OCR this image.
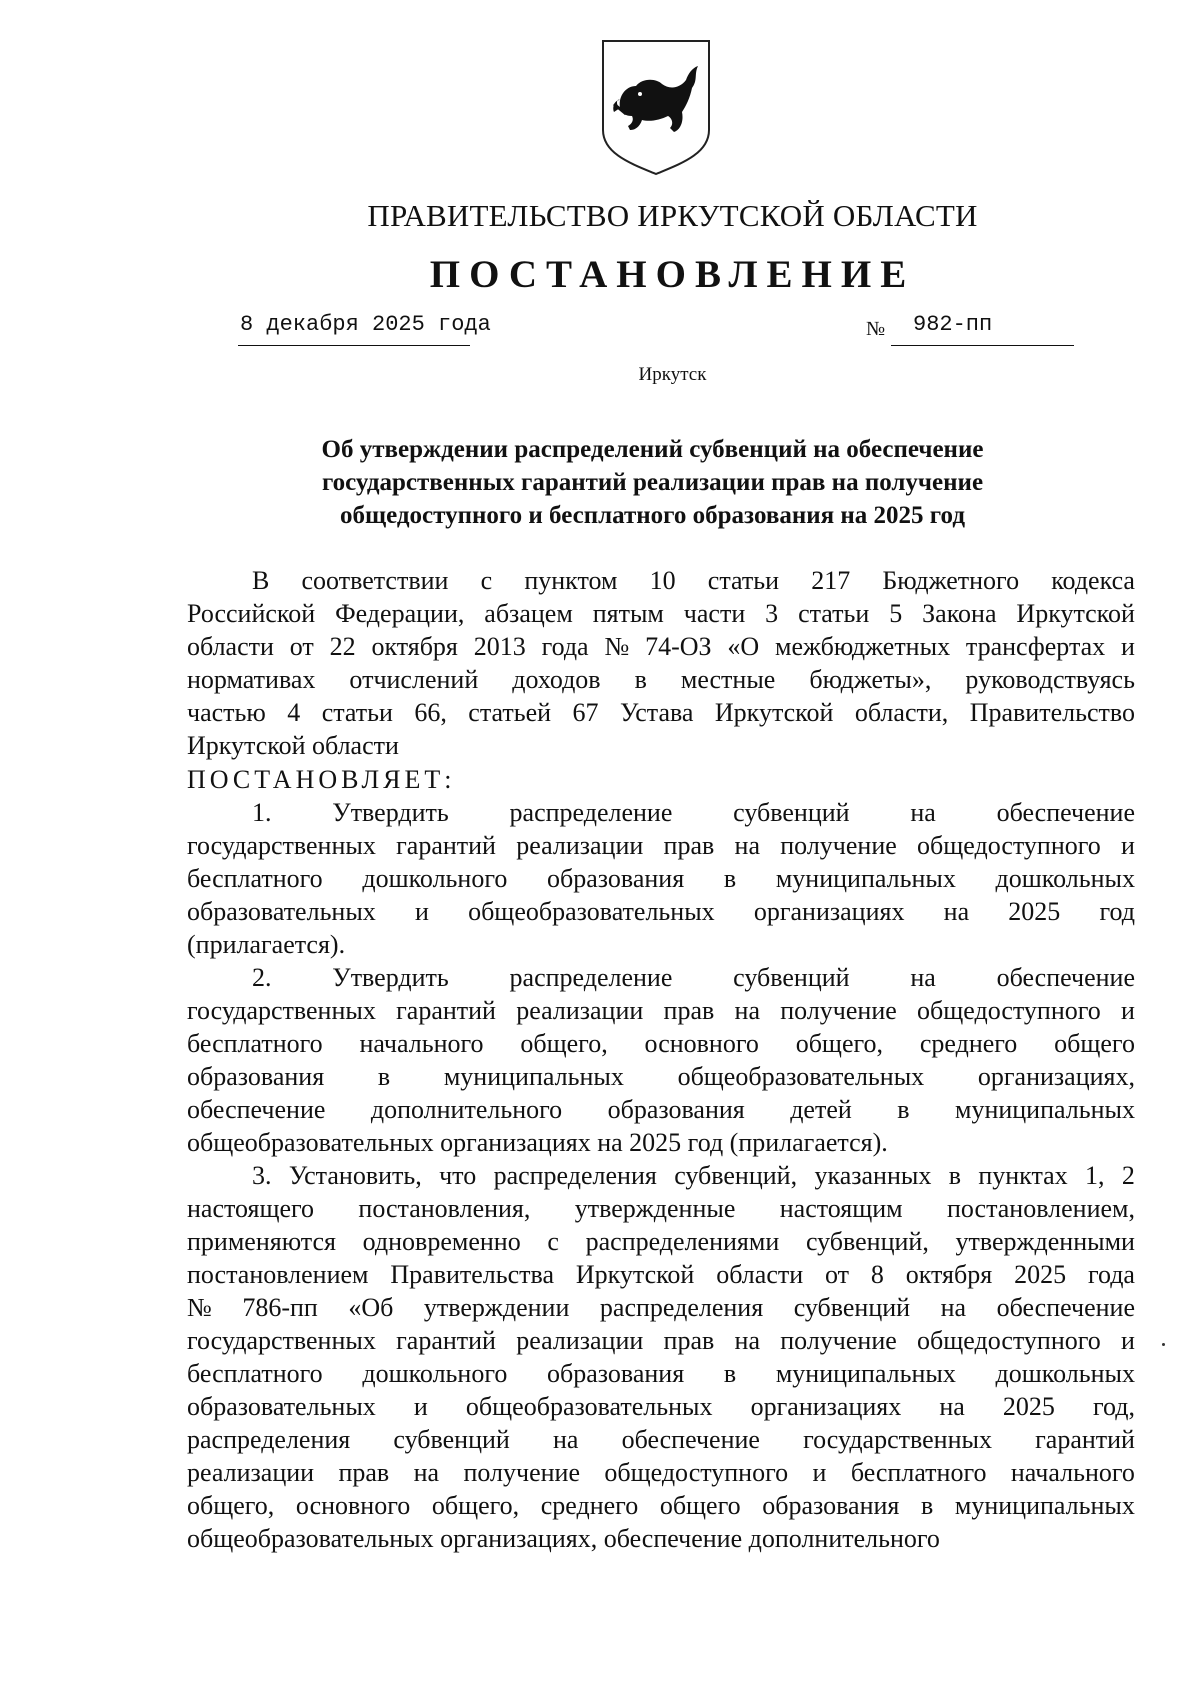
ПРАВИТЕЛЬСТВО ИРКУТСКОЙ ОБЛАСТИ
ПОСТАНОВЛЕНИЕ
8 декабря 2025 года	№ 982-пп
Иркутск
Об утверждении распределений субвенций на обеспечение
государственных гарантий реализации прав на получение
общедоступного и бесплатного образования на 2025 год
В соответствии с пунктом 10 статьи 217 Бюджетного кодекса
Российской Федерации, абзацем пятым части 3 статьи 5 Закона Иркутской
области от 22 октября 2013 года № 74-ОЗ «О межбюджетных трансфертах и
нормативах отчислений доходов в местные бюджеты», руководствуясь
частью 4 статьи 66, статьей 67 Устава Иркутской области, Правительство
Иркутской области
ПОСТАНОВЛЯЕТ:
1. Утвердить распределение субвенций на обеспечение
государственных гарантий реализации прав на получение общедоступного и
бесплатного дошкольного образования в муниципальных дошкольных
образовательных и общеобразовательных организациях на 2025 год
(прилагается).
2. Утвердить распределение субвенций на обеспечение
государственных гарантий реализации прав на получение общедоступного и
бесплатного начального общего, основного общего, среднего общего
образования в муниципальных общеобразовательных организациях,
обеспечение дополнительного образования детей в муниципальных
общеобразовательных организациях на 2025 год (прилагается).
3. Установить, что распределения субвенций, указанных в пунктах 1, 2
настоящего постановления, утвержденные настоящим постановлением,
применяются одновременно с распределениями субвенций, утвержденными
постановлением Правительства Иркутской области от 8 октября 2025 года
№ 786-пп «Об утверждении распределения субвенций на обеспечение
государственных гарантий реализации прав на получение общедоступного и
бесплатного дошкольного образования в муниципальных дошкольных
образовательных и общеобразовательных организациях на 2025 год,
распределения субвенций на обеспечение государственных гарантий
реализации прав на получение общедоступного и бесплатного начального
общего, основного общего, среднего общего образования в муниципальных
общеобразовательных организациях, обеспечение дополнительного
